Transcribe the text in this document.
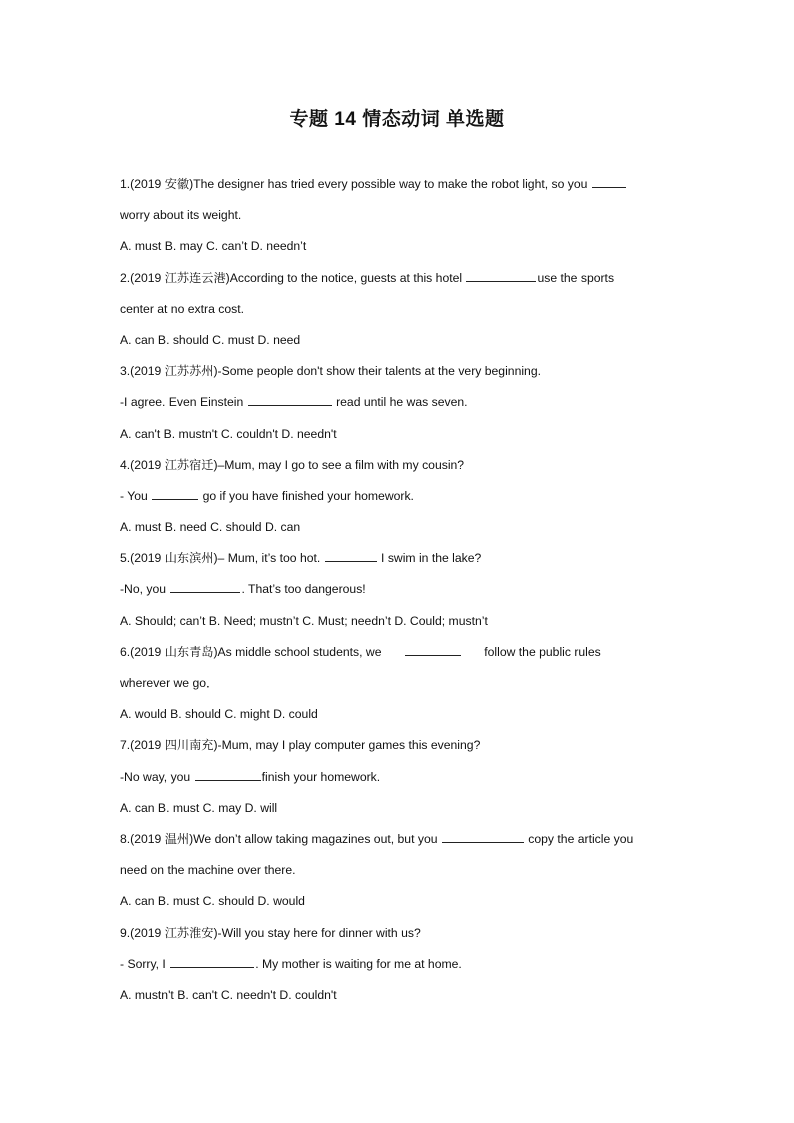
专题 14 情态动词 单选题
1.(2019 安徽)The designer has tried every possible way to make the robot light, so you
worry about its weight.
A. must B. may C. can’t D. needn’t
2.(2019 江苏连云港)According to the notice, guests at this hotel	use the sports
center at no extra cost.
A. can B. should C. must D. need
3.(2019 江苏苏州)-Some people don't show their talents at the very beginning.
-I agree. Even Einstein	read until he was seven.
A. can't B. mustn't C. couldn't D. needn't
4.(2019 江苏宿迁)–Mum, may I go to see a film with my cousin?
- You	go if you have finished your homework.
A. must B. need C. should D. can
5.(2019 山东滨州)– Mum, it’s too hot.	I swim in the lake?
-No, you	. That’s too dangerous!
A. Should; can’t B. Need; mustn’t C. Must; needn’t D. Could; mustn’t
6.(2019 山东青岛)As middle school students, we	follow the public rules
wherever we go．
A. would B. should C. might D. could
7.(2019 四川南充)-Mum, may I play computer games this evening?
-No way, you	finish your homework.
A. can B. must C. may D. will
8.(2019 温州)We don’t allow taking magazines out, but you	copy the article you
need on the machine over there.
A. can B. must C. should D. would
9.(2019 江苏淮安)-Will you stay here for dinner with us?
- Sorry, I	. My mother is waiting for me at home.
A. mustn't B. can't C. needn't D. couldn't
